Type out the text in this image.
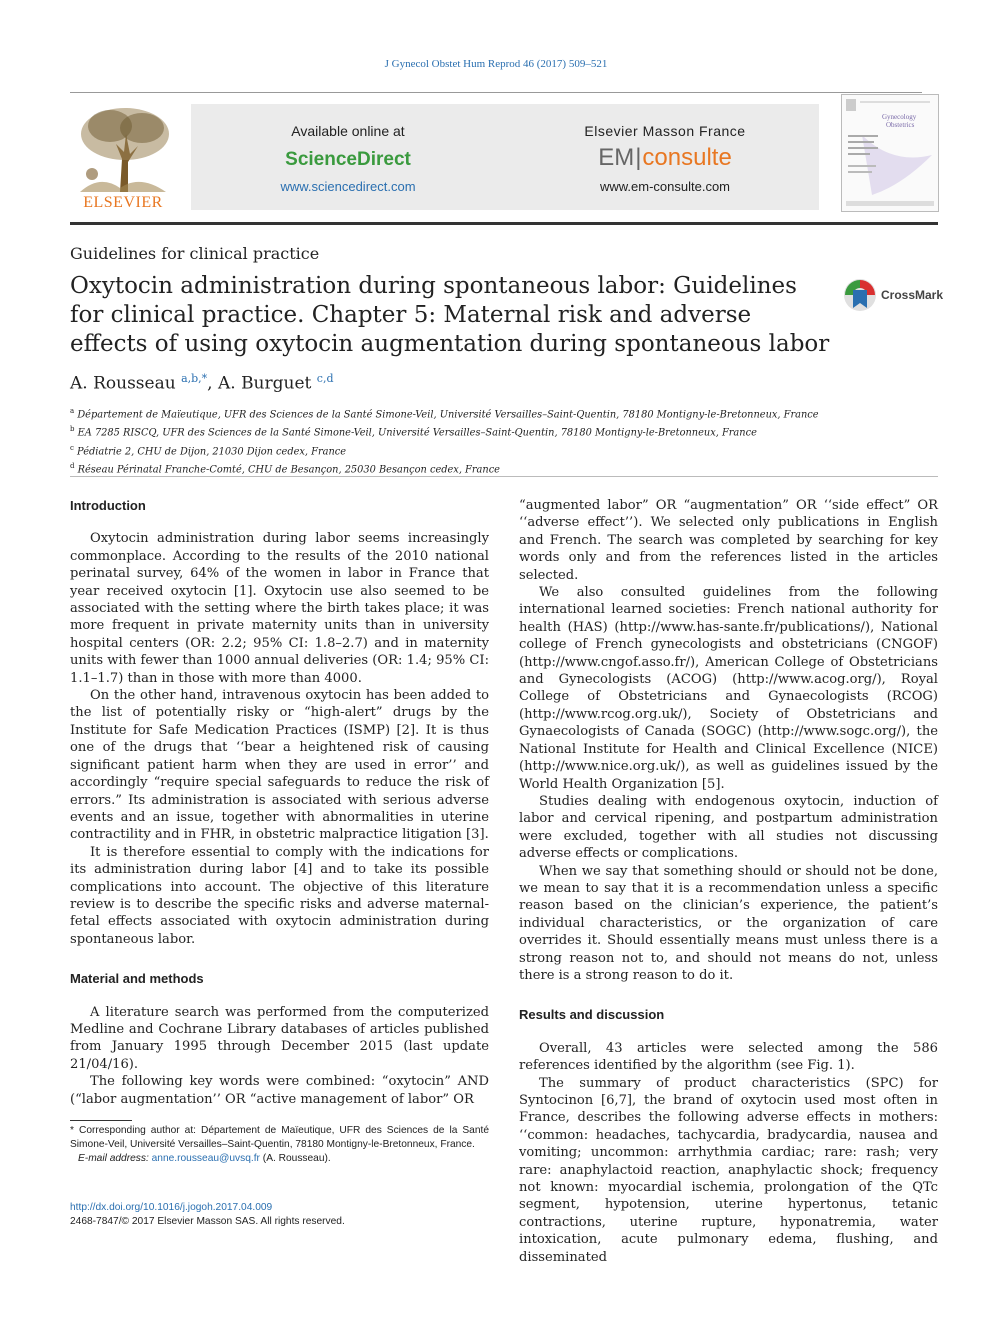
J Gynecol Obstet Hum Reprod 46 (2017) 509–521
ELSEVIER
Available online at
ScienceDirect
www.sciencedirect.com
Elsevier Masson France
EM|consulte
www.em-consulte.com
Gynecology
Obstetrics
Guidelines for clinical practice
Oxytocin administration during spontaneous labor: Guidelines for clinical practice. Chapter 5: Maternal risk and adverse effects of using oxytocin augmentation during spontaneous labor
CrossMark
A. Rousseau $^{a,b,*}$, A. Burguet $^{c,d}$
$^a$ Département de Maïeutique, UFR des Sciences de la Santé Simone-Veil, Université Versailles–Saint-Quentin, 78180 Montigny-le-Bretonneux, France
$^b$ EA 7285 RISCQ, UFR des Sciences de la Santé Simone-Veil, Université Versailles–Saint-Quentin, 78180 Montigny-le-Bretonneux, France
$^c$ Pédiatrie 2, CHU de Dijon, 21030 Dijon cedex, France
$^d$ Réseau Périnatal Franche-Comté, CHU de Besançon, 25030 Besançon cedex, France
Introduction

Oxytocin administration during labor seems increasingly commonplace. According to the results of the 2010 national perinatal survey, 64% of the women in labor in France that year received oxytocin [1]. Oxytocin use also seemed to be associated with the setting where the birth takes place; it was more frequent in private maternity units than in university hospital centers (OR: 2.2; 95% CI: 1.8–2.7) and in maternity units with fewer than 1000 annual deliveries (OR: 1.4; 95% CI: 1.1–1.7) than in those with more than 4000.

On the other hand, intravenous oxytocin has been added to the list of potentially risky or “high-alert” drugs by the Institute for Safe Medication Practices (ISMP) [2]. It is thus one of the drugs that ‘‘bear a heightened risk of causing significant patient harm when they are used in error’’ and accordingly “require special safeguards to reduce the risk of errors.” Its administration is associated with serious adverse events and an issue, together with abnormalities in uterine contractility and in FHR, in obstetric malpractice litigation [3].

It is therefore essential to comply with the indications for its administration during labor [4] and to take its possible complications into account. The objective of this literature review is to describe the specific risks and adverse maternal-fetal effects associated with oxytocin administration during spontaneous labor.

Material and methods

A literature search was performed from the computerized Medline and Cochrane Library databases of articles published from January 1995 through December 2015 (last update 21/04/16).

The following key words were combined: “oxytocin” AND (“labor augmentation’’ OR “active management of labor” OR

“augmented labor” OR “augmentation” OR ‘‘side effect” OR ‘‘adverse effect’’). We selected only publications in English and French. The search was completed by searching for key words only and from the references listed in the articles selected.

We also consulted guidelines from the following international learned societies: French national authority for health (HAS) (http://www.has-sante.fr/publications/), National college of French gynecologists and obstetricians (CNGOF) (http://www.cngof.asso.fr/), American College of Obstetricians and Gynecologists (ACOG) (http://www.acog.org/), Royal College of Obstetricians and Gynaecologists (RCOG) (http://www.rcog.org.uk/), Society of Obstetricians and Gynaecologists of Canada (SOGC) (http://www.sogc.org/), the National Institute for Health and Clinical Excellence (NICE) (http://www.nice.org.uk/), as well as guidelines issued by the World Health Organization [5].

Studies dealing with endogenous oxytocin, induction of labor and cervical ripening, and postpartum administration were excluded, together with all studies not discussing adverse effects or complications.

When we say that something should or should not be done, we mean to say that it is a recommendation unless a specific reason based on the clinician’s experience, the patient’s individual characteristics, or the organization of care overrides it. Should essentially means must unless there is a strong reason not to, and should not means do not, unless there is a strong reason to do it.

Results and discussion

Overall, 43 articles were selected among the 586 references identified by the algorithm (see Fig. 1).

The summary of product characteristics (SPC) for Syntocinon [6,7], the brand of oxytocin used most often in France, describes the following adverse effects in mothers: ‘‘common: headaches, tachycardia, bradycardia, nausea and vomiting; uncommon: arrhythmia cardiac; rare: rash; very rare: anaphylactoid reaction, anaphylactic shock; frequency not known: myocardial ischemia, prolongation of the QTc segment, hypotension, uterine hypertonus, tetanic contractions, uterine rupture, hyponatremia, water intoxication, acute pulmonary edema, flushing, and disseminated

* Corresponding author at: Département de Maïeutique, UFR des Sciences de la Santé Simone-Veil, Université Versailles–Saint-Quentin, 78180 Montigny-le-Bretonneux, France.
E-mail address: anne.rousseau@uvsq.fr (A. Rousseau).
http://dx.doi.org/10.1016/j.jogoh.2017.04.009
2468-7847/© 2017 Elsevier Masson SAS. All rights reserved.
